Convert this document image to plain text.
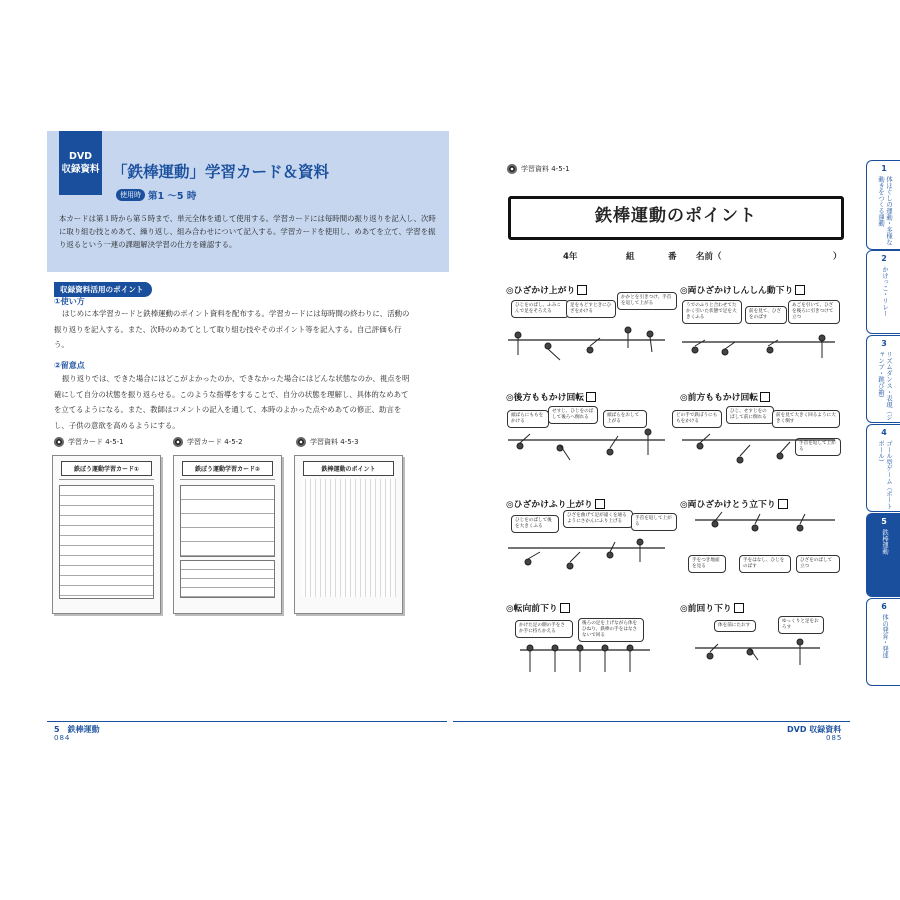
DVD
収録資料 「鉄棒運動」学習カード＆資料
使用時 第1 〜5 時
本カードは第１時から第５時まで、単元全体を通して使用する。学習カードには毎時間の振り返りを記入し、次時に取り組む技とめあて、繰り返し、組み合わせについて記入する。学習カードを使用し、めあてを立て、学習を振り返るという一連の課題解決学習の仕方を確認する。
収録資料活用のポイント
①使い方
はじめに本学習カードと鉄棒運動のポイント資料を配布する。学習カードには毎時間の終わりに、活動の振り返りを記入する。また、次時のめあてとして取り組む技やそのポイント等を記入する。自己評価も行う。
②留意点
振り返りでは、できた場合にはどこがよかったのか、できなかった場合にはどんな状態なのか、視点を明確にして自分の状態を振り返らせる。このような指導をすることで、自分の状態を理解し、具体的なめあてを立てるようになる。また、教師はコメントの記入を通して、本時のよかった点やめあての修正、助言をし、子供の意欲を高めるようにする。
学習カード 4-5-1	学習カード 4-5-2	学習資料 4-5-3
鉄ぼう運動学習カード①	鉄ぼう運動学習カード②	鉄棒運動のポイント
5　鉄棒運動
084
学習資料 4-5-1
鉄棒運動のポイント
4年	組	番	名前（	）
◎ひざかけ上がり	◎両ひざかけしんしん動下り
◎後方ももかけ回転	◎前方ももかけ回転
◎ひざかけふり上がり	◎両ひざかけとう立下り
◎転向前下り	◎前回り下り
ひじをのばし、ふみこんで足をそろえる
足をもどすときにひざをかける
かかとを引きつけ、手首を返して上がる	うでのふりと合わせてたかく引いた状態で足を大きくふる
前を見て、ひざをのばす
あごを引いて、ひざを後ろに引きつけて立つ
頭ばらにももをかける
せすじ、ひじをのばして後ろへ倒れる	頭ばらをおして上がる
どの手で鉄ぼうにももをかける
ひじ、せすじをのばして前に倒れる	前を見て大きく回るように大きく倒す
手首を返して上がる
ひじをのばして後を大きくふる
ひざを曲げて足が遠くを通るようにさかんにふり上げる
手首を返して上がる
手をつき地面を見る
手をはなし、ひじをのばす
ひざをのばして立つ
かけた足の側の手をさか手に持ちかえる
後ろの足を上げながら体をひねり、鉄棒の手をはなさないで回る
体を前にたおす
ゆっくりと足をおろす
DVD 収録資料
085
1
体ほぐしの運動・多様な動きをつくる運動
2
かけっこ・リレー
3
リズムダンス・表現（ジャンプ・跳び箱）
4
ゴール型ゲーム（ポートボール）
5
鉄棒運動
6
体の発育・発達
